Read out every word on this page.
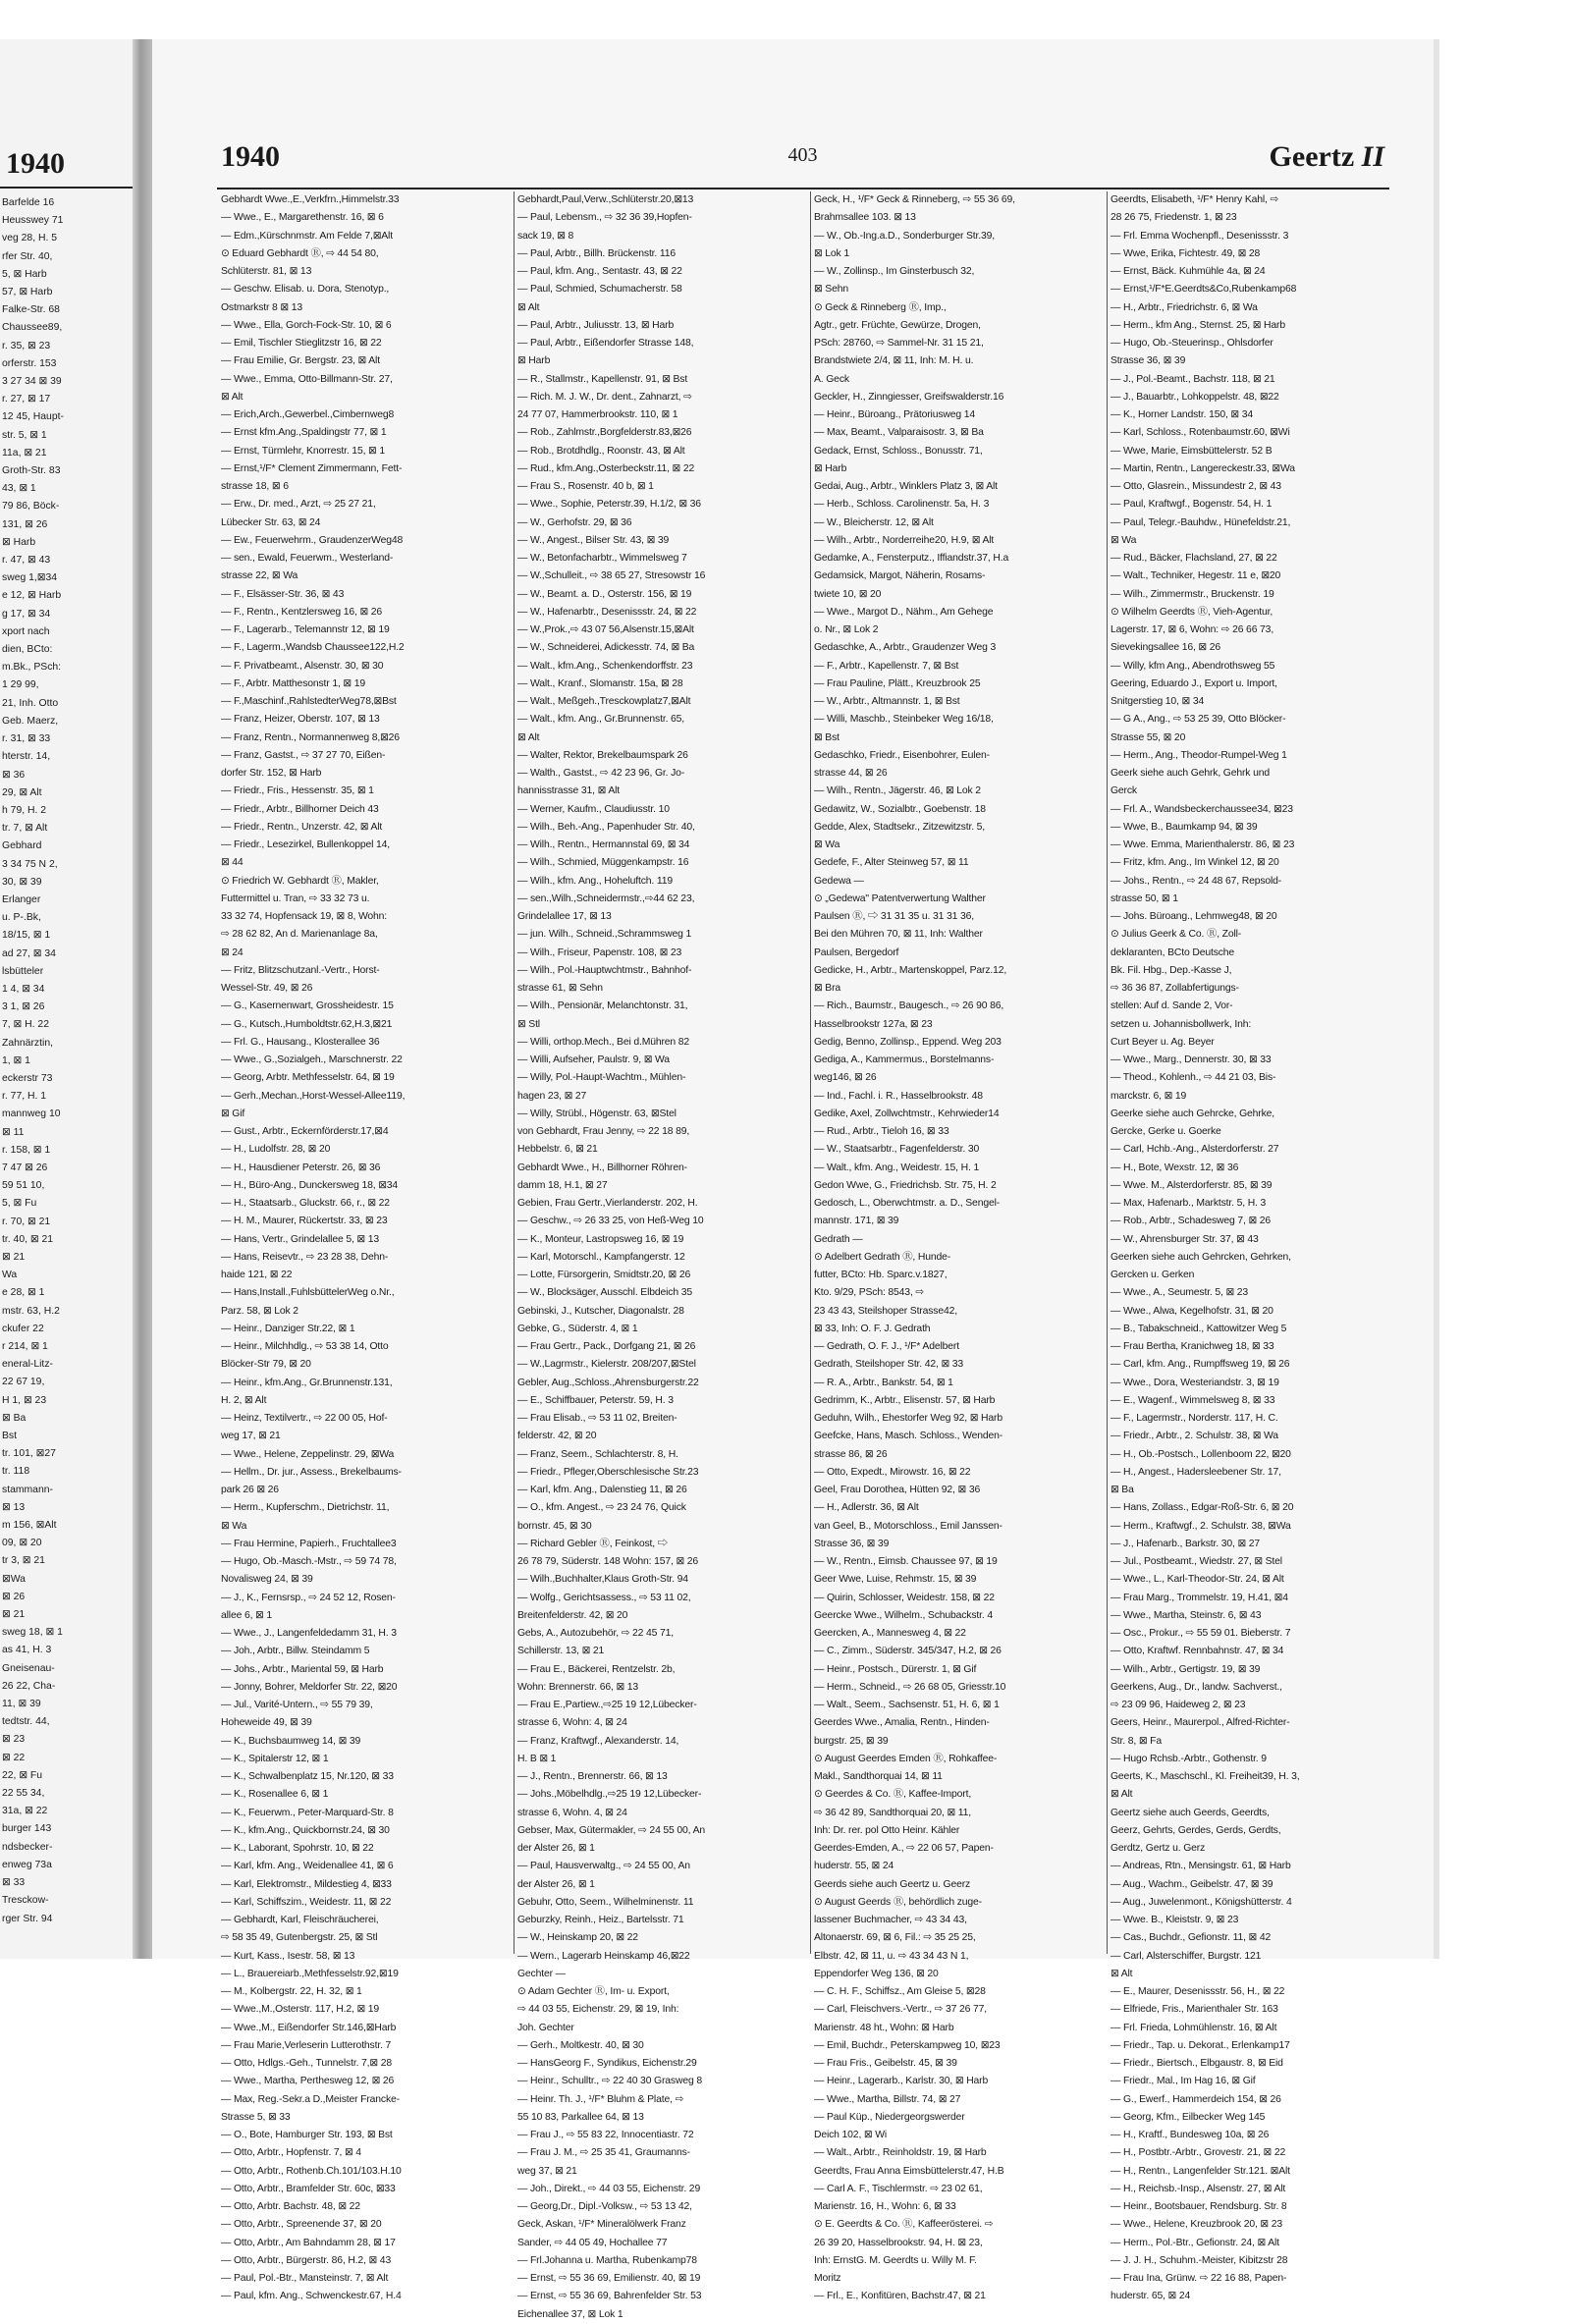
1940
Barfelde 16
Heusswey 71
veg 28, H. 5
rfer Str. 40,
5, ⊠ Harb
57, ⊠ Harb
Falke-Str. 68
Chaussee89,
r. 35, ⊠ 23
orferstr. 153
3 27 34 ⊠ 39
r. 27, ⊠ 17
12 45, Haupt-
str. 5, ⊠ 1
11a, ⊠ 21
Groth-Str. 83
43, ⊠ 1
79 86, Böck-
131, ⊠ 26
⊠ Harb
r. 47, ⊠ 43
sweg 1,⊠34
e 12, ⊠ Harb
g 17, ⊠ 34
xport nach
dien, BCto:
m.Bk., PSch:
1 29 99,
21, Inh. Otto
Geb. Maerz,
r. 31, ⊠ 33
hterstr. 14,
⊠ 36
29, ⊠ Alt
h 79, H. 2
tr. 7, ⊠ Alt
Gebhard
3 34 75 N 2,
30, ⊠ 39
Erlanger
u. P-.Bk,
18/15, ⊠ 1
ad 27, ⊠ 34
lsbütteler
1 4, ⊠ 34
3 1, ⊠ 26
7, ⊠ H. 22
Zahnärztin,
1, ⊠ 1
eckerstr 73
r. 77, H. 1
mannweg 10
⊠ 11
r. 158, ⊠ 1
7 47 ⊠ 26
59 51 10,
5, ⊠ Fu
r. 70, ⊠ 21
tr. 40, ⊠ 21
⊠ 21
Wa
e 28, ⊠ 1
mstr. 63, H.2
ckufer 22
r 214, ⊠ 1
eneral-Litz-
22 67 19,
H 1, ⊠ 23
⊠ Ba
Bst
tr. 101, ⊠27
tr. 118
stammann-
⊠ 13
m 156, ⊠Alt
09, ⊠ 20
tr 3, ⊠ 21
⊠Wa
⊠ 26
⊠ 21
sweg 18, ⊠ 1
as 41, H. 3
Gneisenau-
26 22, Cha-
11, ⊠ 39
tedtstr. 44,
⊠ 23
⊠ 22
22, ⊠ Fu
22 55 34,
31a, ⊠ 22
burger 143
ndsbecker-
enweg 73a
⊠ 33
Tresckow-
rger Str. 94
1940	403	Geertz II
Gebhardt Wwe.,E.,Verkfrn.,Himmelstr.33
— Wwe., E., Margarethenstr. 16, ⊠ 6
— Edm.,Kürschnmstr. Am Felde 7,⊠Alt
⊙ Eduard Gebhardt Ⓡ, ⇨ 44 54 80,
Schlüterstr. 81, ⊠ 13
— Geschw. Elisab. u. Dora, Stenotyp.,
Ostmarkstr 8 ⊠ 13
— Wwe., Ella, Gorch-Fock-Str. 10, ⊠ 6
— Emil, Tischler Stieglitzstr 16, ⊠ 22
— Frau Emilie, Gr. Bergstr. 23, ⊠ Alt
— Wwe., Emma, Otto-Billmann-Str. 27,
⊠ Alt
— Erich,Arch.,Gewerbel.,Cimbernweg8
— Ernst kfm.Ang.,Spaldingstr 77, ⊠ 1
— Ernst, Türmlehr, Knorrestr. 15, ⊠ 1
— Ernst,¹/F* Clement Zimmermann, Fett-
strasse 18, ⊠ 6
— Erw., Dr. med., Arzt, ⇨ 25 27 21,
Lübecker Str. 63, ⊠ 24
— Ew., Feuerwehrm., GraudenzerWeg48
— sen., Ewald, Feuerwm., Westerland-
strasse 22, ⊠ Wa
— F., Elsässer-Str. 36, ⊠ 43
— F., Rentn., Kentzlersweg 16, ⊠ 26
— F., Lagerarb., Telemannstr 12, ⊠ 19
— F., Lagerm.,Wandsb Chaussee122,H.2
— F. Privatbeamt., Alsenstr. 30, ⊠ 30
— F., Arbtr. Matthesonstr 1, ⊠ 19
— F.,Maschinf.,RahlstedterWeg78,⊠Bst
— Franz, Heizer, Oberstr. 107, ⊠ 13
— Franz, Rentn., Normannenweg 8,⊠26
— Franz, Gastst., ⇨ 37 27 70, Eißen-
dorfer Str. 152, ⊠ Harb
— Friedr., Fris., Hessenstr. 35, ⊠ 1
— Friedr., Arbtr., Billhorner Deich 43
— Friedr., Rentn., Unzerstr. 42, ⊠ Alt
— Friedr., Lesezirkel, Bullenkoppel 14,
⊠ 44
⊙ Friedrich W. Gebhardt Ⓡ, Makler,
Futtermittel u. Tran, ⇨ 33 32 73 u.
33 32 74, Hopfensack 19, ⊠ 8, Wohn:
⇨ 28 62 82, An d. Marienanlage 8a,
⊠ 24
— Fritz, Blitzschutzanl.-Vertr., Horst-
Wessel-Str. 49, ⊠ 26
— G., Kasernenwart, Grossheidestr. 15
— G., Kutsch.,Humboldtstr.62,H.3,⊠21
— Frl. G., Hausang., Klosterallee 36
— Wwe., G.,Sozialgeh., Marschnerstr. 22
— Georg, Arbtr. Methfesselstr. 64, ⊠ 19
— Gerh.,Mechan.,Horst-Wessel-Allee119,
⊠ Gif
— Gust., Arbtr., Eckernförderstr.17,⊠4
— H., Ludolfstr. 28, ⊠ 20
— H., Hausdiener Peterstr. 26, ⊠ 36
— H., Büro-Ang., Dunckersweg 18, ⊠34
— H., Staatsarb., Gluckstr. 66, r., ⊠ 22
— H. M., Maurer, Rückertstr. 33, ⊠ 23
— Hans, Vertr., Grindelallee 5, ⊠ 13
— Hans, Reisevtr., ⇨ 23 28 38, Dehn-
haide 121, ⊠ 22
— Hans,Install.,FuhlsbüttelerWeg o.Nr.,
Parz. 58, ⊠ Lok 2
— Heinr., Danziger Str.22, ⊠ 1
— Heinr., Milchhdlg., ⇨ 53 38 14, Otto
Blöcker-Str 79, ⊠ 20
— Heinr., kfm.Ang., Gr.Brunnenstr.131,
H. 2, ⊠ Alt
— Heinz, Textilvertr., ⇨ 22 00 05, Hof-
weg 17, ⊠ 21
— Wwe., Helene, Zeppelinstr. 29, ⊠Wa
— Hellm., Dr. jur., Assess., Brekelbaums-
park 26 ⊠ 26
— Herm., Kupferschm., Dietrichstr. 11,
⊠ Wa
— Frau Hermine, Papierh., Fruchtallee3
— Hugo, Ob.-Masch.-Mstr., ⇨ 59 74 78,
Novalisweg 24, ⊠ 39
— J., K., Fernsrsp., ⇨ 24 52 12, Rosen-
allee 6, ⊠ 1
— Wwe., J., Langenfeldedamm 31, H. 3
— Joh., Arbtr., Billw. Steindamm 5
— Johs., Arbtr., Mariental 59, ⊠ Harb
— Jonny, Bohrer, Meldorfer Str. 22, ⊠20
— Jul., Varité-Untern., ⇨ 55 79 39,
Hoheweide 49, ⊠ 39
— K., Buchsbaumweg 14, ⊠ 39
— K., Spitalerstr 12, ⊠ 1
— K., Schwalbenplatz 15, Nr.120, ⊠ 33
— K., Rosenallee 6, ⊠ 1
— K., Feuerwm., Peter-Marquard-Str. 8
— K., kfm.Ang., Quickbornstr.24, ⊠ 30
— K., Laborant, Spohrstr. 10, ⊠ 22
— Karl, kfm. Ang., Weidenallee 41, ⊠ 6
— Karl, Elektromstr., Mildestieg 4, ⊠33
— Karl, Schiffszim., Weidestr. 11, ⊠ 22
— Gebhardt, Karl, Fleischräucherei,
⇨ 58 35 49, Gutenbergstr. 25, ⊠ Stl
— Kurt, Kass., Isestr. 58, ⊠ 13
— L., Brauereiarb.,Methfesselstr.92,⊠19
— M., Kolbergstr. 22, H. 32, ⊠ 1
— Wwe.,M.,Osterstr. 117, H.2, ⊠ 19
— Wwe.,M., Eißendorfer Str.146,⊠Harb
— Frau Marie,Verleserin Lutterothstr. 7
— Otto, Hdlgs.-Geh., Tunnelstr. 7,⊠ 28
— Wwe., Martha, Perthesweg 12, ⊠ 26
— Max, Reg.-Sekr.a D.,Meister Francke-
Strasse 5, ⊠ 33
— O., Bote, Hamburger Str. 193, ⊠ Bst
— Otto, Arbtr., Hopfenstr. 7, ⊠ 4
— Otto, Arbtr., Rothenb.Ch.101/103.H.10
— Otto, Arbtr., Bramfelder Str. 60c, ⊠33
— Otto, Arbtr. Bachstr. 48, ⊠ 22
— Otto, Arbtr., Spreenende 37, ⊠ 20
— Otto, Arbtr., Am Bahndamm 28, ⊠ 17
— Otto, Arbtr., Bürgerstr. 86, H.2, ⊠ 43
— Paul, Pol.-Btr., Mansteinstr. 7, ⊠ Alt
— Paul, kfm. Ang., Schwenckestr.67, H.4
Gebhardt,Paul,Verw.,Schlüterstr.20,⊠13
— Paul, Lebensm., ⇨ 32 36 39,Hopfen-
sack 19, ⊠ 8
— Paul, Arbtr., Billh. Brückenstr. 116
— Paul, kfm. Ang., Sentastr. 43, ⊠ 22
— Paul, Schmied, Schumacherstr. 58
⊠ Alt
— Paul, Arbtr., Juliusstr. 13, ⊠ Harb
— Paul, Arbtr., Eißendorfer Strasse 148,
⊠ Harb
— R., Stallmstr., Kapellenstr. 91, ⊠ Bst
— Rich. M. J. W., Dr. dent., Zahnarzt, ⇨
24 77 07, Hammerbrookstr. 110, ⊠ 1
— Rob., Zahlmstr.,Borgfelderstr.83,⊠26
— Rob., Brotdhdlg., Roonstr. 43, ⊠ Alt
— Rud., kfm.Ang.,Osterbeckstr.11, ⊠ 22
— Frau S., Rosenstr. 40 b, ⊠ 1
— Wwe., Sophie, Peterstr.39, H.1/2, ⊠ 36
— W., Gerhofstr. 29, ⊠ 36
— W., Angest., Bilser Str. 43, ⊠ 39
— W., Betonfacharbtr., Wimmelsweg 7
— W.,Schulleit., ⇨ 38 65 27, Stresowstr 16
— W., Beamt. a. D., Osterstr. 156, ⊠ 19
— W., Hafenarbtr., Desenissstr. 24, ⊠ 22
— W.,Prok.,⇨ 43 07 56,Alsenstr.15,⊠Alt
— W., Schneiderei, Adickesstr. 74, ⊠ Ba
— Walt., kfm.Ang., Schenkendorffstr. 23
— Walt., Kranf., Slomanstr. 15a, ⊠ 28
— Walt., Meßgeh.,Tresckowplatz7,⊠Alt
— Walt., kfm. Ang., Gr.Brunnenstr. 65,
⊠ Alt
— Walter, Rektor, Brekelbaumspark 26
— Walth., Gastst., ⇨ 42 23 96, Gr. Jo-
hannisstrasse 31, ⊠ Alt
— Werner, Kaufm., Claudiusstr. 10
— Wilh., Beh.-Ang., Papenhuder Str. 40,
— Wilh., Rentn., Hermannstal 69, ⊠ 34
— Wilh., Schmied, Müggenkampstr. 16
— Wilh., kfm. Ang., Hoheluftch. 119
— sen.,Wilh.,Schneidermstr.,⇨44 62 23,
Grindelallee 17, ⊠ 13
— jun. Wilh., Schneid.,Schrammsweg 1
— Wilh., Friseur, Papenstr. 108, ⊠ 23
— Wilh., Pol.-Hauptwchtmstr., Bahnhof-
strasse 61, ⊠ Sehn
— Wilh., Pensionär, Melanchtonstr. 31,
⊠ Stl
— Willi, orthop.Mech., Bei d.Mühren 82
— Willi, Aufseher, Paulstr. 9, ⊠ Wa
— Willy, Pol.-Haupt-Wachtm., Mühlen-
hagen 23, ⊠ 27
— Willy, Strübl., Högenstr. 63, ⊠Stel
von Gebhardt, Frau Jenny, ⇨ 22 18 89,
Hebbelstr. 6, ⊠ 21
Gebhardt Wwe., H., Billhorner Röhren-
damm 18, H.1, ⊠ 27
Gebien, Frau Gertr.,Vierlanderstr. 202, H.
— Geschw., ⇨ 26 33 25, von Heß-Weg 10
— K., Monteur, Lastropsweg 16, ⊠ 19
— Karl, Motorschl., Kampfangerstr. 12
— Lotte, Fürsorgerin, Smidtstr.20, ⊠ 26
— W., Blocksäger, Ausschl. Elbdeich 35
Gebinski, J., Kutscher, Diagonalstr. 28
Gebke, G., Süderstr. 4, ⊠ 1
— Frau Gertr., Pack., Dorfgang 21, ⊠ 26
— W.,Lagrmstr., Kielerstr. 208/207,⊠Stel
Gebler, Aug.,Schloss.,Ahrensburgerstr.22
— E., Schiffbauer, Peterstr. 59, H. 3
— Frau Elisab., ⇨ 53 11 02, Breiten-
felderstr. 42, ⊠ 20
— Franz, Seem., Schlachterstr. 8, H.
— Friedr., Pfleger,Oberschlesische Str.23
— Karl, kfm. Ang., Dalenstieg 11, ⊠ 26
— O., kfm. Angest., ⇨ 23 24 76, Quick
bornstr. 45, ⊠ 30
— Richard Gebler Ⓡ, Feinkost, ⇨
26 78 79, Süderstr. 148 Wohn: 157, ⊠ 26
— Wilh.,Buchhalter,Klaus Groth-Str. 94
— Wolfg., Gerichtsassess., ⇨ 53 11 02,
Breitenfelderstr. 42, ⊠ 20
Gebs, A., Autozubehör, ⇨ 22 45 71,
Schillerstr. 13, ⊠ 21
— Frau E., Bäckerei, Rentzelstr. 2b,
Wohn: Brennerstr. 66, ⊠ 13
— Frau E.,Partiew.,⇨25 19 12,Lübecker-
strasse 6, Wohn: 4, ⊠ 24
— Franz, Kraftwgf., Alexanderstr. 14,
H. B ⊠ 1
— J., Rentn., Brennerstr. 66, ⊠ 13
— Johs.,Möbelhdlg.,⇨25 19 12,Lübecker-
strasse 6, Wohn. 4, ⊠ 24
Gebser, Max, Gütermakler, ⇨ 24 55 00, An
der Alster 26, ⊠ 1
— Paul, Hausverwaltg., ⇨ 24 55 00, An
der Alster 26, ⊠ 1
Gebuhr, Otto, Seem., Wilhelminenstr. 11
Geburzky, Reinh., Heiz., Bartelsstr. 71
— W., Heinskamp 20, ⊠ 22
— Wern., Lagerarb Heinskamp 46,⊠22
Gechter —
⊙ Adam Gechter Ⓡ, Im- u. Export,
⇨ 44 03 55, Eichenstr. 29, ⊠ 19, Inh:
Joh. Gechter
— Gerh., Moltkestr. 40, ⊠ 30
— HansGeorg F., Syndikus, Eichenstr.29
— Heinr., Schulltr., ⇨ 22 40 30 Grasweg 8
— Heinr. Th. J., ¹/F* Bluhm & Plate, ⇨
55 10 83, Parkallee 64, ⊠ 13
— Frau J., ⇨ 55 83 22, Innocentiastr. 72
— Frau J. M., ⇨ 25 35 41, Graumanns-
weg 37, ⊠ 21
— Joh., Direkt., ⇨ 44 03 55, Eichenstr. 29
— Georg,Dr., Dipl.-Volksw., ⇨ 53 13 42,
Geck, Askan, ¹/F* Mineralölwerk Franz
Sander, ⇨ 44 05 49, Hochallee 77
— Frl.Johanna u. Martha, Rubenkamp78
— Ernst, ⇨ 55 36 69, Emilienstr. 40, ⊠ 19
— Ernst, ⇨ 55 36 69, Bahrenfelder Str. 53
Eichenallee 37, ⊠ Lok 1
Geck, H., ¹/F* Geck & Rinneberg, ⇨ 55 36 69,
Brahmsallee 103. ⊠ 13
— W., Ob.-Ing.a.D., Sonderburger Str.39,
⊠ Lok 1
— W., Zollinsp., Im Ginsterbusch 32,
⊠ Sehn
⊙ Geck & Rinneberg Ⓡ, Imp.,
Agtr., getr. Früchte, Gewürze, Drogen,
PSch: 28760, ⇨ Sammel-Nr. 31 15 21,
Brandstwiete 2/4, ⊠ 11, Inh: M. H. u.
A. Geck
Geckler, H., Zinngiesser, Greifswalderstr.16
— Heinr., Büroang., Prätoriusweg 14
— Max, Beamt., Valparaisostr. 3, ⊠ Ba
Gedack, Ernst, Schloss., Bonusstr. 71,
⊠ Harb
Gedai, Aug., Arbtr., Winklers Platz 3, ⊠ Alt
— Herb., Schloss. Carolinenstr. 5a, H. 3
— W., Bleicherstr. 12, ⊠ Alt
— Wilh., Arbtr., Norderreihe20, H.9, ⊠ Alt
Gedamke, A., Fensterputz., Iffiandstr.37, H.a
Gedamsick, Margot, Näherin, Rosams-
twiete 10, ⊠ 20
— Wwe., Margot D., Nähm., Am Gehege
o. Nr., ⊠ Lok 2
Gedaschke, A., Arbtr., Graudenzer Weg 3
— F., Arbtr., Kapellenstr. 7, ⊠ Bst
— Frau Pauline, Plätt., Kreuzbrook 25
— W., Arbtr., Altmannstr. 1, ⊠ Bst
— Willi, Maschb., Steinbeker Weg 16/18,
⊠ Bst
Gedaschko, Friedr., Eisenbohrer, Eulen-
strasse 44, ⊠ 26
— Wilh., Rentn., Jägerstr. 46, ⊠ Lok 2
Gedawitz, W., Sozialbtr., Goebenstr. 18
Gedde, Alex, Stadtsekr., Zitzewitzstr. 5,
⊠ Wa
Gedefe, F., Alter Steinweg 57, ⊠ 11
Gedewa —
⊙ „Gedewa" Patentverwertung Walther
Paulsen Ⓡ, ⇨ 31 31 35 u. 31 31 36,
Bei den Mühren 70, ⊠ 11, Inh: Walther
Paulsen, Bergedorf
Gedicke, H., Arbtr., Martenskoppel, Parz.12,
⊠ Bra
— Rich., Baumstr., Baugesch., ⇨ 26 90 86,
Hasselbrookstr 127a, ⊠ 23
Gedig, Benno, Zollinsp., Eppend. Weg 203
Gediga, A., Kammermus., Borstelmanns-
weg146, ⊠ 26
— Ind., Fachl. i. R., Hasselbrookstr. 48
Gedike, Axel, Zollwchtmstr., Kehrwieder14
— Rud., Arbtr., Tieloh 16, ⊠ 33
— W., Staatsarbtr., Fagenfelderstr. 30
— Walt., kfm. Ang., Weidestr. 15, H. 1
Gedon Wwe, G., Friedrichsb. Str. 75, H. 2
Gedosch, L., Oberwchtmstr. a. D., Sengel-
mannstr. 171, ⊠ 39
Gedrath —
⊙ Adelbert Gedrath Ⓡ, Hunde-
futter, BCto: Hb. Sparc.v.1827,
Kto. 9/29, PSch: 8543, ⇨
23 43 43, Steilshoper Strasse42,
⊠ 33, Inh: O. F. J. Gedrath
— Gedrath, O. F. J., ¹/F* Adelbert
Gedrath, Steilshoper Str. 42, ⊠ 33
— R. A., Arbtr., Bankstr. 54, ⊠ 1
Gedrimm, K., Arbtr., Elisenstr. 57, ⊠ Harb
Geduhn, Wilh., Ehestorfer Weg 92, ⊠ Harb
Geefcke, Hans, Masch. Schloss., Wenden-
strasse 86, ⊠ 26
— Otto, Expedt., Mirowstr. 16, ⊠ 22
Geel, Frau Dorothea, Hütten 92, ⊠ 36
— H., Adlerstr. 36, ⊠ Alt
van Geel, B., Motorschloss., Emil Janssen-
Strasse 36, ⊠ 39
— W., Rentn., Eimsb. Chaussee 97, ⊠ 19
Geer Wwe, Luise, Rehmstr. 15, ⊠ 39
— Quirin, Schlosser, Weidestr. 158, ⊠ 22
Geercke Wwe., Wilhelm., Schubackstr. 4
Geercken, A., Mannesweg 4, ⊠ 22
— C., Zimm., Süderstr. 345/347, H.2, ⊠ 26
— Heinr., Postsch., Dürerstr. 1, ⊠ Gif
— Herm., Schneid., ⇨ 26 68 05, Griesstr.10
— Walt., Seem., Sachsenstr. 51, H. 6, ⊠ 1
Geerdes Wwe., Amalia, Rentn., Hinden-
burgstr. 25, ⊠ 39
⊙ August Geerdes Emden Ⓡ, Rohkaffee-
Makl., Sandthorquai 14, ⊠ 11
⊙ Geerdes & Co. Ⓡ, Kaffee-Import,
⇨ 36 42 89, Sandthorquai 20, ⊠ 11,
Inh: Dr. rer. pol Otto Heinr. Kähler
Geerdes-Emden, A., ⇨ 22 06 57, Papen-
huderstr. 55, ⊠ 24
Geerds siehe auch Geertz u. Geerz
⊙ August Geerds Ⓡ, behördlich zuge-
lassener Buchmacher, ⇨ 43 34 43,
Altonaerstr. 69, ⊠ 6, Fil.: ⇨ 35 25 25,
Elbstr. 42, ⊠ 11, u. ⇨ 43 34 43 N 1,
Eppendorfer Weg 136, ⊠ 20
— C. H. F., Schiffsz., Am Gleise 5, ⊠28
— Carl, Fleischvers.-Vertr., ⇨ 37 26 77,
Marienstr. 48 ht., Wohn: ⊠ Harb
— Emil, Buchdr., Peterskampweg 10, ⊠23
— Frau Fris., Geibelstr. 45, ⊠ 39
— Heinr., Lagerarb., Karlstr. 30, ⊠ Harb
— Wwe., Martha, Billstr. 74, ⊠ 27
— Paul Küp., Niedergeorgswerder
Deich 102, ⊠ Wi
— Walt., Arbtr., Reinholdstr. 19, ⊠ Harb
Geerdts, Frau Anna Eimsbüttelerstr.47, H.B
— Carl A. F., Tischlermstr. ⇨ 23 02 61,
Marienstr. 16, H., Wohn: 6, ⊠ 33
⊙ E. Geerdts & Co. Ⓡ, Kaffeerösterei. ⇨
26 39 20, Hasselbrookstr. 94, H. ⊠ 23,
Inh: ErnstG. M. Geerdts u. Willy M. F.
Moritz
— Frl., E., Konfitüren, Bachstr.47, ⊠ 21
Geerdts, Elisabeth, ¹/F* Henry Kahl, ⇨
28 26 75, Friedenstr. 1, ⊠ 23
— Frl. Emma Wochenpfl., Desenissstr. 3
— Wwe, Erika, Fichtestr. 49, ⊠ 28
— Ernst, Bäck. Kuhmühle 4a, ⊠ 24
— Ernst,¹/F*E.Geerdts&Co,Rubenkamp68
— H., Arbtr., Friedrichstr. 6, ⊠ Wa
— Herm., kfm Ang., Sternst. 25, ⊠ Harb
— Hugo, Ob.-Steuerinsp., Ohlsdorfer
Strasse 36, ⊠ 39
— J., Pol.-Beamt., Bachstr. 118, ⊠ 21
— J., Bauarbtr., Lohkoppelstr. 48, ⊠22
— K., Horner Landstr. 150, ⊠ 34
— Karl, Schloss., Rotenbaumstr.60, ⊠Wi
— Wwe, Marie, Eimsbüttelerstr. 52 B
— Martin, Rentn., Langereckestr.33, ⊠Wa
— Otto, Glasrein., Missundestr 2, ⊠ 43
— Paul, Kraftwgf., Bogenstr. 54, H. 1
— Paul, Telegr.-Bauhdw., Hünefeldstr.21,
⊠ Wa
— Rud., Bäcker, Flachsland, 27, ⊠ 22
— Walt., Techniker, Hegestr. 11 e, ⊠20
— Wilh., Zimmermstr., Bruckenstr. 19
⊙ Wilhelm Geerdts Ⓡ, Vieh-Agentur,
Lagerstr. 17, ⊠ 6, Wohn: ⇨ 26 66 73,
Sievekingsallee 16, ⊠ 26
— Willy, kfm Ang., Abendrothsweg 55
Geering, Eduardo J., Export u. Import,
Snitgerstieg 10, ⊠ 34
— G A., Ang., ⇨ 53 25 39, Otto Blöcker-
Strasse 55, ⊠ 20
— Herm., Ang., Theodor-Rumpel-Weg 1
Geerk siehe auch Gehrk, Gehrk und
Gerck
— Frl. A., Wandsbeckerchaussee34, ⊠23
— Wwe, B., Baumkamp 94, ⊠ 39
— Wwe. Emma, Marienthalerstr. 86, ⊠ 23
— Fritz, kfm. Ang., Im Winkel 12, ⊠ 20
— Johs., Rentn., ⇨ 24 48 67, Repsold-
strasse 50, ⊠ 1
— Johs. Büroang., Lehmweg48, ⊠ 20
⊙ Julius Geerk & Co. Ⓡ, Zoll-
deklaranten, BCto Deutsche
Bk. Fil. Hbg., Dep.-Kasse J,
⇨ 36 36 87, Zollabfertigungs-
stellen: Auf d. Sande 2, Vor-
setzen u. Johannisbollwerk, Inh:
Curt Beyer u. Ag. Beyer
— Wwe., Marg., Dennerstr. 30, ⊠ 33
— Theod., Kohlenh., ⇨ 44 21 03, Bis-
marckstr. 6, ⊠ 19
Geerke siehe auch Gehrcke, Gehrke,
Gercke, Gerke u. Goerke
— Carl, Hchb.-Ang., Alsterdorferstr. 27
— H., Bote, Wexstr. 12, ⊠ 36
— Wwe. M., Alsterdorferstr. 85, ⊠ 39
— Max, Hafenarb., Marktstr. 5, H. 3
— Rob., Arbtr., Schadesweg 7, ⊠ 26
— W., Ahrensburger Str. 37, ⊠ 43
Geerken siehe auch Gehrcken, Gehrken,
Gercken u. Gerken
— Wwe., A., Seumestr. 5, ⊠ 23
— Wwe., Alwa, Kegelhofstr. 31, ⊠ 20
— B., Tabakschneid., Kattowitzer Weg 5
— Frau Bertha, Kranichweg 18, ⊠ 33
— Carl, kfm. Ang., Rumpffsweg 19, ⊠ 26
— Wwe., Dora, Westeriandstr. 3, ⊠ 19
— E., Wagenf., Wimmelsweg 8, ⊠ 33
— F., Lagermstr., Norderstr. 117, H. C.
— Friedr., Arbtr., 2. Schulstr. 38, ⊠ Wa
— H., Ob.-Postsch., Lollenboom 22, ⊠20
— H., Angest., Hadersleebener Str. 17,
⊠ Ba
— Hans, Zollass., Edgar-Roß-Str. 6, ⊠ 20
— Herm., Kraftwgf., 2. Schulstr. 38, ⊠Wa
— J., Hafenarb., Barkstr. 30, ⊠ 27
— Jul., Postbeamt., Wiedstr. 27, ⊠ Stel
— Wwe., L., Karl-Theodor-Str. 24, ⊠ Alt
— Frau Marg., Trommelstr. 19, H.41, ⊠4
— Wwe., Martha, Steinstr. 6, ⊠ 43
— Osc., Prokur., ⇨ 55 59 01. Bieberstr. 7
— Otto, Kraftwf. Rennbahnstr. 47, ⊠ 34
— Wilh., Arbtr., Gertigstr. 19, ⊠ 39
Geerkens, Aug., Dr., landw. Sachverst.,
⇨ 23 09 96, Haideweg 2, ⊠ 23
Geers, Heinr., Maurerpol., Alfred-Richter-
Str. 8, ⊠ Fa
— Hugo Rchsb.-Arbtr., Gothenstr. 9
Geerts, K., Maschschl., Kl. Freiheit39, H. 3,
⊠ Alt
Geertz siehe auch Geerds, Geerdts,
Geerz, Gehrts, Gerdes, Gerds, Gerdts,
Gerdtz, Gertz u. Gerz
— Andreas, Rtn., Mensingstr. 61, ⊠ Harb
— Aug., Wachm., Geibelstr. 47, ⊠ 39
— Aug., Juwelenmont., Königshütterstr. 4
— Wwe. B., Kleiststr. 9, ⊠ 23
— Cas., Buchdr., Gefionstr. 11, ⊠ 42
— Carl, Alsterschiffer, Burgstr. 121
⊠ Alt
— E., Maurer, Desenissstr. 56, H., ⊠ 22
— Elfriede, Fris., Marienthaler Str. 163
— Frl. Frieda, Lohmühlenstr. 16, ⊠ Alt
— Friedr., Tap. u. Dekorat., Erlenkamp17
— Friedr., Biertsch., Elbgaustr. 8, ⊠ Eid
— Friedr., Mal., Im Hag 16, ⊠ Gif
— G., Ewerf., Hammerdeich 154, ⊠ 26
— Georg, Kfm., Eilbecker Weg 145
— H., Kraftf., Bundesweg 10a, ⊠ 26
— H., Postbtr.-Arbtr., Grovestr. 21, ⊠ 22
— H., Rentn., Langenfelder Str.121. ⊠Alt
— H., Reichsb.-Insp., Alsenstr. 27, ⊠ Alt
— Heinr., Bootsbauer, Rendsburg. Str. 8
— Wwe., Helene, Kreuzbrook 20, ⊠ 23
— Herm., Pol.-Btr., Gefionstr. 24, ⊠ Alt
— J. J. H., Schuhm.-Meister, Kibitzstr 28
— Frau Ina, Grünw. ⇨ 22 16 88, Papen-
huderstr. 65, ⊠ 24
